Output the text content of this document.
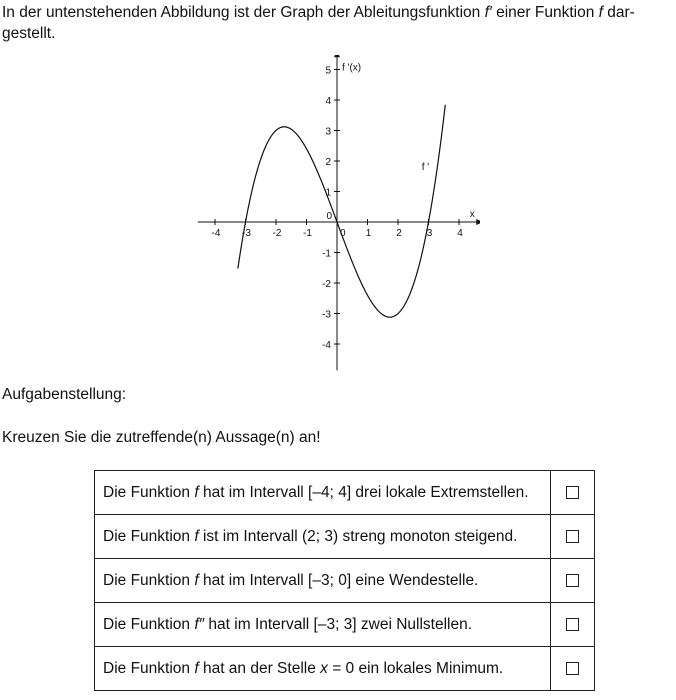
In der untenstehenden Abbildung ist der Graph der Ableitungsfunktion f′ einer Funktion f dar-
gestellt.

-4 -3 -2 -1	1 2 3 4
-4
-3
-2
-1
1
2
3
4
5
0
0
x
f '(x)
f '
Aufgabenstellung:

Kreuzen Sie die zutreffende(n) Aussage(n) an!

Die Funktion f hat im Intervall [–4; 4] drei lokale Extremstellen.	
Die Funktion f ist im Intervall (2; 3) streng monoton steigend.	
Die Funktion f hat im Intervall [–3; 0] eine Wendestelle.	
Die Funktion f″ hat im Intervall [–3; 3] zwei Nullstellen.	
Die Funktion f hat an der Stelle x = 0 ein lokales Minimum.	
